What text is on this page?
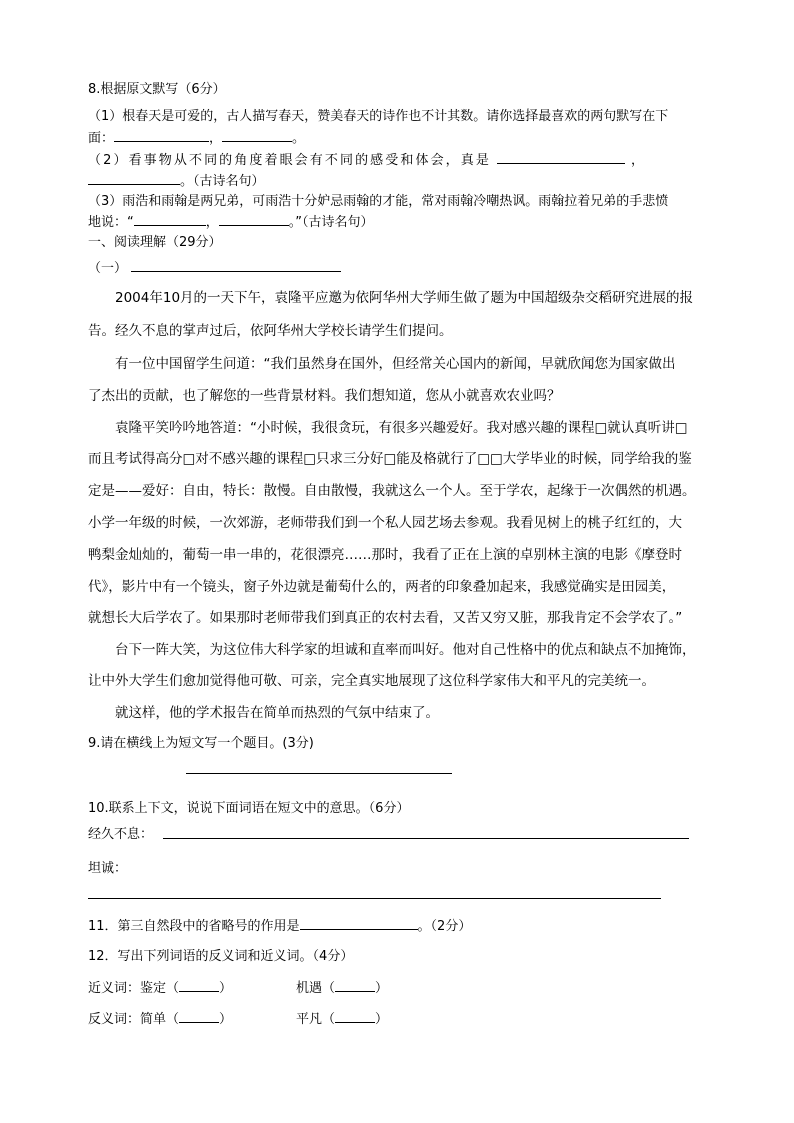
8.根据原文默写（6分）
（1）根春天是可爱的，古人描写春天，赞美春天的诗作也不计其数。请你选择最喜欢的两句默写在下
面：	，	。
（2）看事物从不同的角度着眼会有不同的感受和体会，真是	，
。（古诗名句）
（3）雨浩和雨翰是两兄弟，可雨浩十分妒忌雨翰的才能，常对雨翰冷嘲热讽。雨翰拉着兄弟的手悲愤
地说：“	，	。”（古诗名句）
一、阅读理解（29分）
（一）
2004年10月的一天下午，袁隆平应邀为依阿华州大学师生做了题为中国超级杂交稻研究进展的报
告。经久不息的掌声过后，依阿华州大学校长请学生们提问。
有一位中国留学生问道：“我们虽然身在国外，但经常关心国内的新闻，早就欣闻您为国家做出
了杰出的贡献，也了解您的一些背景材料。我们想知道，您从小就喜欢农业吗？
袁隆平笑吟吟地答道：“小时候，我很贪玩，有很多兴趣爱好。我对感兴趣的课程□就认真听讲□
而且考试得高分□对不感兴趣的课程□只求三分好□能及格就行了□□大学毕业的时候，同学给我的鉴
定是——爱好：自由，特长：散慢。自由散慢，我就这么一个人。至于学农，起缘于一次偶然的机遇。
小学一年级的时候，一次郊游，老师带我们到一个私人园艺场去参观。我看见树上的桃子红红的，大
鸭梨金灿灿的，葡萄一串一串的，花很漂亮……那时，我看了正在上演的卓别林主演的电影《摩登时
代》，影片中有一个镜头，窗子外边就是葡萄什么的，两者的印象叠加起来，我感觉确实是田园美，
就想长大后学农了。如果那时老师带我们到真正的农村去看，又苦又穷又脏，那我肯定不会学农了。”
台下一阵大笑，为这位伟大科学家的坦诚和直率而叫好。他对自己性格中的优点和缺点不加掩饰，
让中外大学生们愈加觉得他可敬、可亲，完全真实地展现了这位科学家伟大和平凡的完美统一。
就这样，他的学术报告在简单而热烈的气氛中结束了。
9.请在横线上为短文写一个题目。(3分)
10.联系上下文，说说下面词语在短文中的意思。（6分）
经久不息：
坦诚：
11．第三自然段中的省略号的作用是	。（2分）
12．写出下列词语的反义词和近义词。（4分）
近义词：鉴定（	）	机遇（	）
反义词：简单（	）	平凡（	）
